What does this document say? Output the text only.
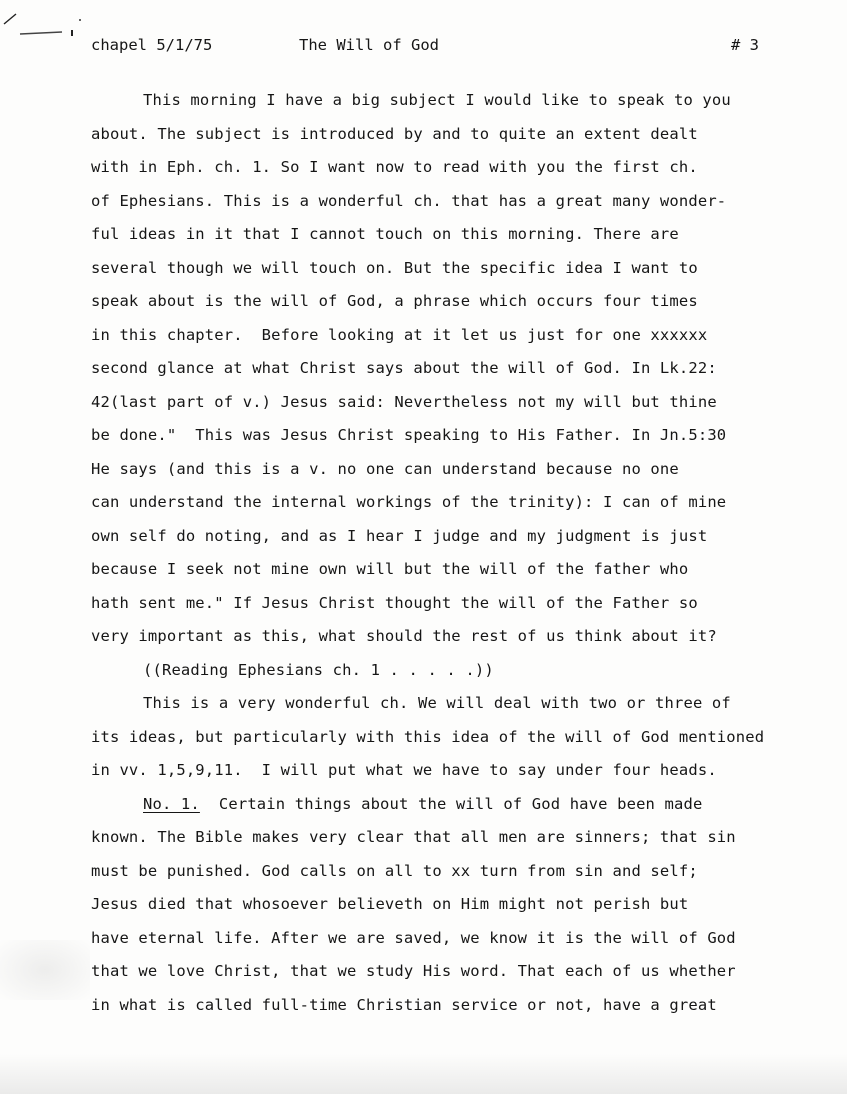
chapel 5/1/75	The Will of God	# 3
This morning I have a big subject I would like to speak to you
about. The subject is introduced by and to quite an extent dealt
with in Eph. ch. 1. So I want now to read with you the first ch.
of Ephesians. This is a wonderful ch. that has a great many wonder-
ful ideas in it that I cannot touch on this morning. There are
several though we will touch on. But the specific idea I want to
speak about is the will of God, a phrase which occurs four times
in this chapter.  Before looking at it let us just for one xxxxxx
second glance at what Christ says about the will of God. In Lk.22:
42(last part of v.) Jesus said: Nevertheless not my will but thine
be done."  This was Jesus Christ speaking to His Father. In Jn.5:30
He says (and this is a v. no one can understand because no one
can understand the internal workings of the trinity): I can of mine
own self do noting, and as I hear I judge and my judgment is just
because I seek not mine own will but the will of the father who
hath sent me." If Jesus Christ thought the will of the Father so
very important as this, what should the rest of us think about it?
((Reading Ephesians ch. 1 . . . . .))
This is a very wonderful ch. We will deal with two or three of
its ideas, but particularly with this idea of the will of God mentioned
in vv. 1,5,9,11.  I will put what we have to say under four heads.
No. 1.  Certain things about the will of God have been made
known. The Bible makes very clear that all men are sinners; that sin
must be punished. God calls on all to xx turn from sin and self;
Jesus died that whosoever believeth on Him might not perish but
have eternal life. After we are saved, we know it is the will of God
that we love Christ, that we study His word. That each of us whether
in what is called full-time Christian service or not, have a great
